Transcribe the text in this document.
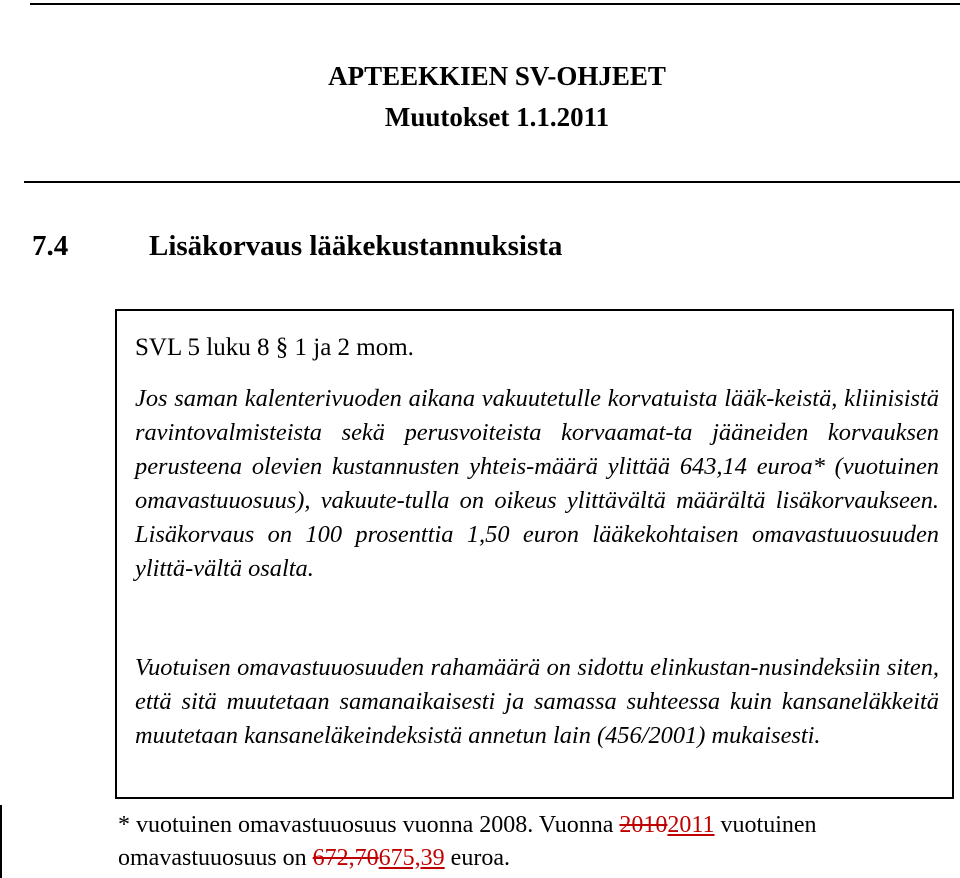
APTEEKKIEN SV-OHJEET
Muutokset 1.1.2011
7.4	Lisäkorvaus lääkekustannuksista
SVL 5 luku 8 § 1 ja 2 mom.
Jos saman kalenterivuoden aikana vakuutetulle korvatuista lääk-keistä, kliinisistä ravintovalmisteista sekä perusvoiteista korvaamat-ta jääneiden korvauksen perusteena olevien kustannusten yhteis-määrä ylittää 643,14 euroa* (vuotuinen omavastuuosuus), vakuute-tulla on oikeus ylittävältä määrältä lisäkorvaukseen. Lisäkorvaus on 100 prosenttia 1,50 euron lääkekohtaisen omavastuuosuuden ylittä-vältä osalta.
Vuotuisen omavastuuosuuden rahamäärä on sidottu elinkustan-nusindeksiin siten, että sitä muutetaan samanaikaisesti ja samassa suhteessa kuin kansaneläkkeitä muutetaan kansaneläkeindeksistä annetun lain (456/2001) mukaisesti.
* vuotuinen omavastuuosuus vuonna 2008. Vuonna 20102011 vuotuinen omavastuuosuus on 672,70675,39 euroa.
